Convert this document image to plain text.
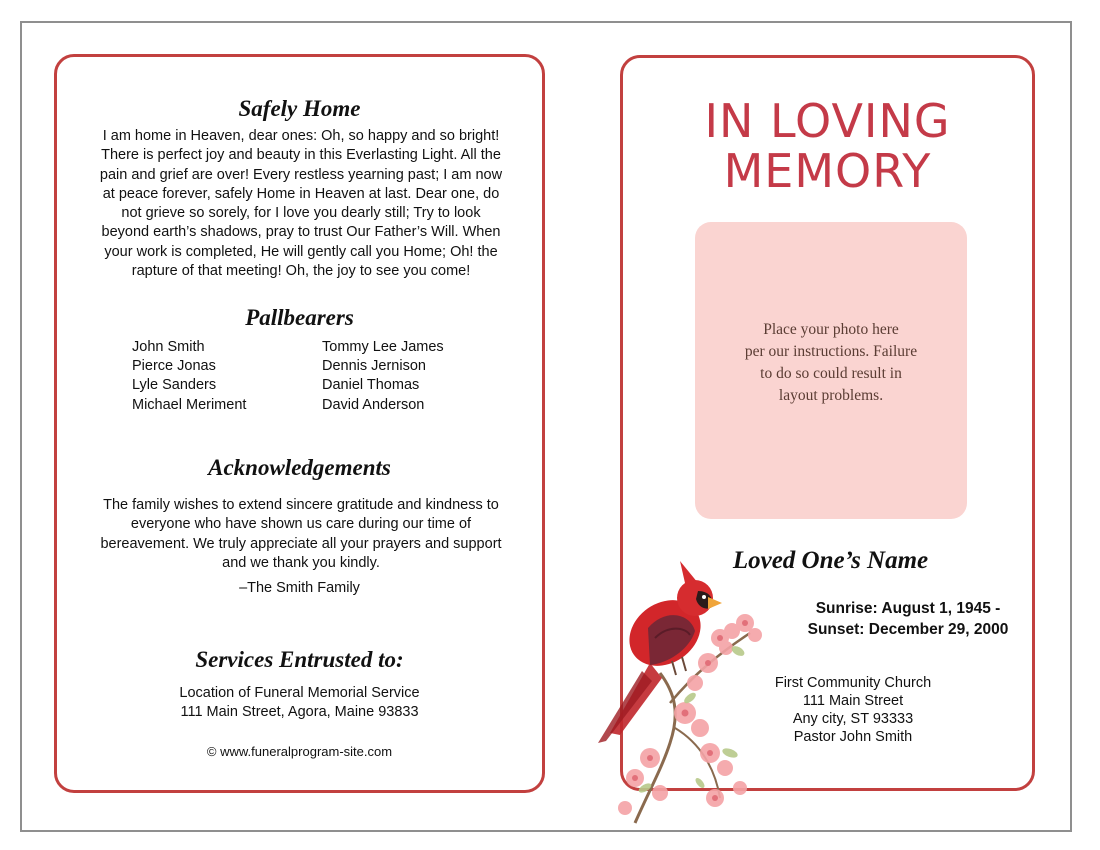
Safely Home
I am home in Heaven, dear ones: Oh, so happy and so bright!
There is perfect joy and beauty in this Everlasting Light. All the
pain and grief are over! Every restless yearning past; I am now
at peace forever, safely Home in Heaven at last. Dear one, do
not grieve so sorely, for I love you dearly still; Try to look
beyond earth’s shadows, pray to trust Our Father’s Will. When
your work is completed, He will gently call you Home; Oh! the
rapture of that meeting! Oh, the joy to see you come!
Pallbearers
John Smith
Pierce Jonas
Lyle Sanders
Michael Meriment
Tommy Lee James
Dennis Jernison
Daniel Thomas
David Anderson
Acknowledgements
The family wishes to extend sincere gratitude and kindness to
everyone who have shown us care during our time of
bereavement. We truly appreciate all your prayers and support
and we thank you kindly.
–The Smith Family
Services Entrusted to:
Location of Funeral Memorial Service
111 Main Street, Agora, Maine 93833
© www.funeralprogram-site.com
IN LOVING
MEMORY
Place your photo here
per our instructions. Failure
to do so could result in
layout problems.
Loved One’s Name
Sunrise: August 1, 1945 -
Sunset: December 29, 2000
First Community Church
111 Main Street
Any city, ST 93333
Pastor John Smith
